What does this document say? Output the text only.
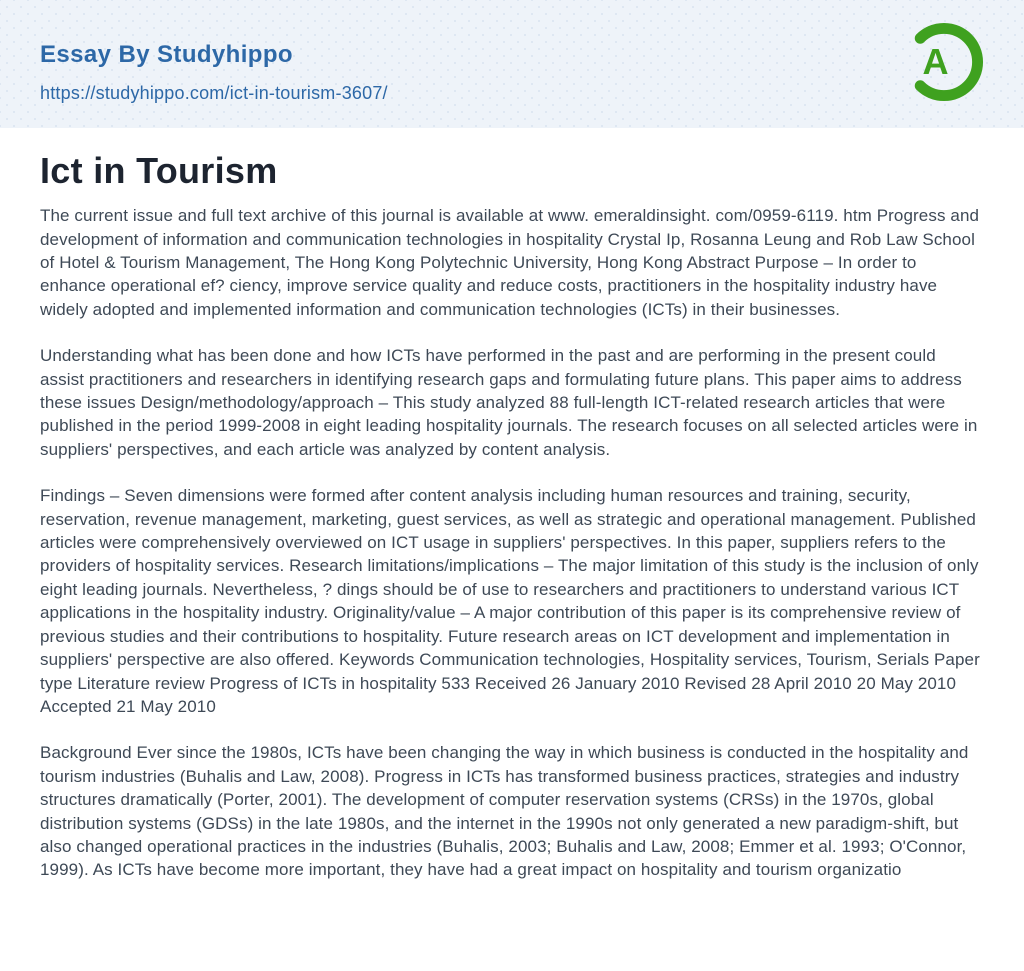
Essay By Studyhippo
https://studyhippo.com/ict-in-tourism-3607/
A
Ict in Tourism

The current issue and full text archive of this journal is available at www. emeraldinsight. com/0959-6119. htm Progress and development of information and communication technologies in hospitality Crystal Ip, Rosanna Leung and Rob Law School of Hotel & Tourism Management, The Hong Kong Polytechnic University, Hong Kong Abstract Purpose – In order to enhance operational ef? ciency, improve service quality and reduce costs, practitioners in the hospitality industry have widely adopted and implemented information and communication technologies (ICTs) in their businesses.

Understanding what has been done and how ICTs have performed in the past and are performing in the present could assist practitioners and researchers in identifying research gaps and formulating future plans. This paper aims to address these issues Design/methodology/approach – This study analyzed 88 full-length ICT-related research articles that were published in the period 1999-2008 in eight leading hospitality journals. The research focuses on all selected articles were in suppliers' perspectives, and each article was analyzed by content analysis.

Findings – Seven dimensions were formed after content analysis including human resources and training, security, reservation, revenue management, marketing, guest services, as well as strategic and operational management. Published articles were comprehensively overviewed on ICT usage in suppliers' perspectives. In this paper, suppliers refers to the providers of hospitality services. Research limitations/implications – The major limitation of this study is the inclusion of only eight leading journals. Nevertheless, ? dings should be of use to researchers and practitioners to understand various ICT applications in the hospitality industry. Originality/value – A major contribution of this paper is its comprehensive review of previous studies and their contributions to hospitality. Future research areas on ICT development and implementation in suppliers' perspective are also offered. Keywords Communication technologies, Hospitality services, Tourism, Serials Paper type Literature review Progress of ICTs in hospitality 533 Received 26 January 2010 Revised 28 April 2010 20 May 2010 Accepted 21 May 2010

Background Ever since the 1980s, ICTs have been changing the way in which business is conducted in the hospitality and tourism industries (Buhalis and Law, 2008). Progress in ICTs has transformed business practices, strategies and industry structures dramatically (Porter, 2001). The development of computer reservation systems (CRSs) in the 1970s, global distribution systems (GDSs) in the late 1980s, and the internet in the 1990s not only generated a new paradigm-shift, but also changed operational practices in the industries (Buhalis, 2003; Buhalis and Law, 2008; Emmer et al. 1993; O'Connor, 1999). As ICTs have become more important, they have had a great impact on hospitality and tourism organizatio
